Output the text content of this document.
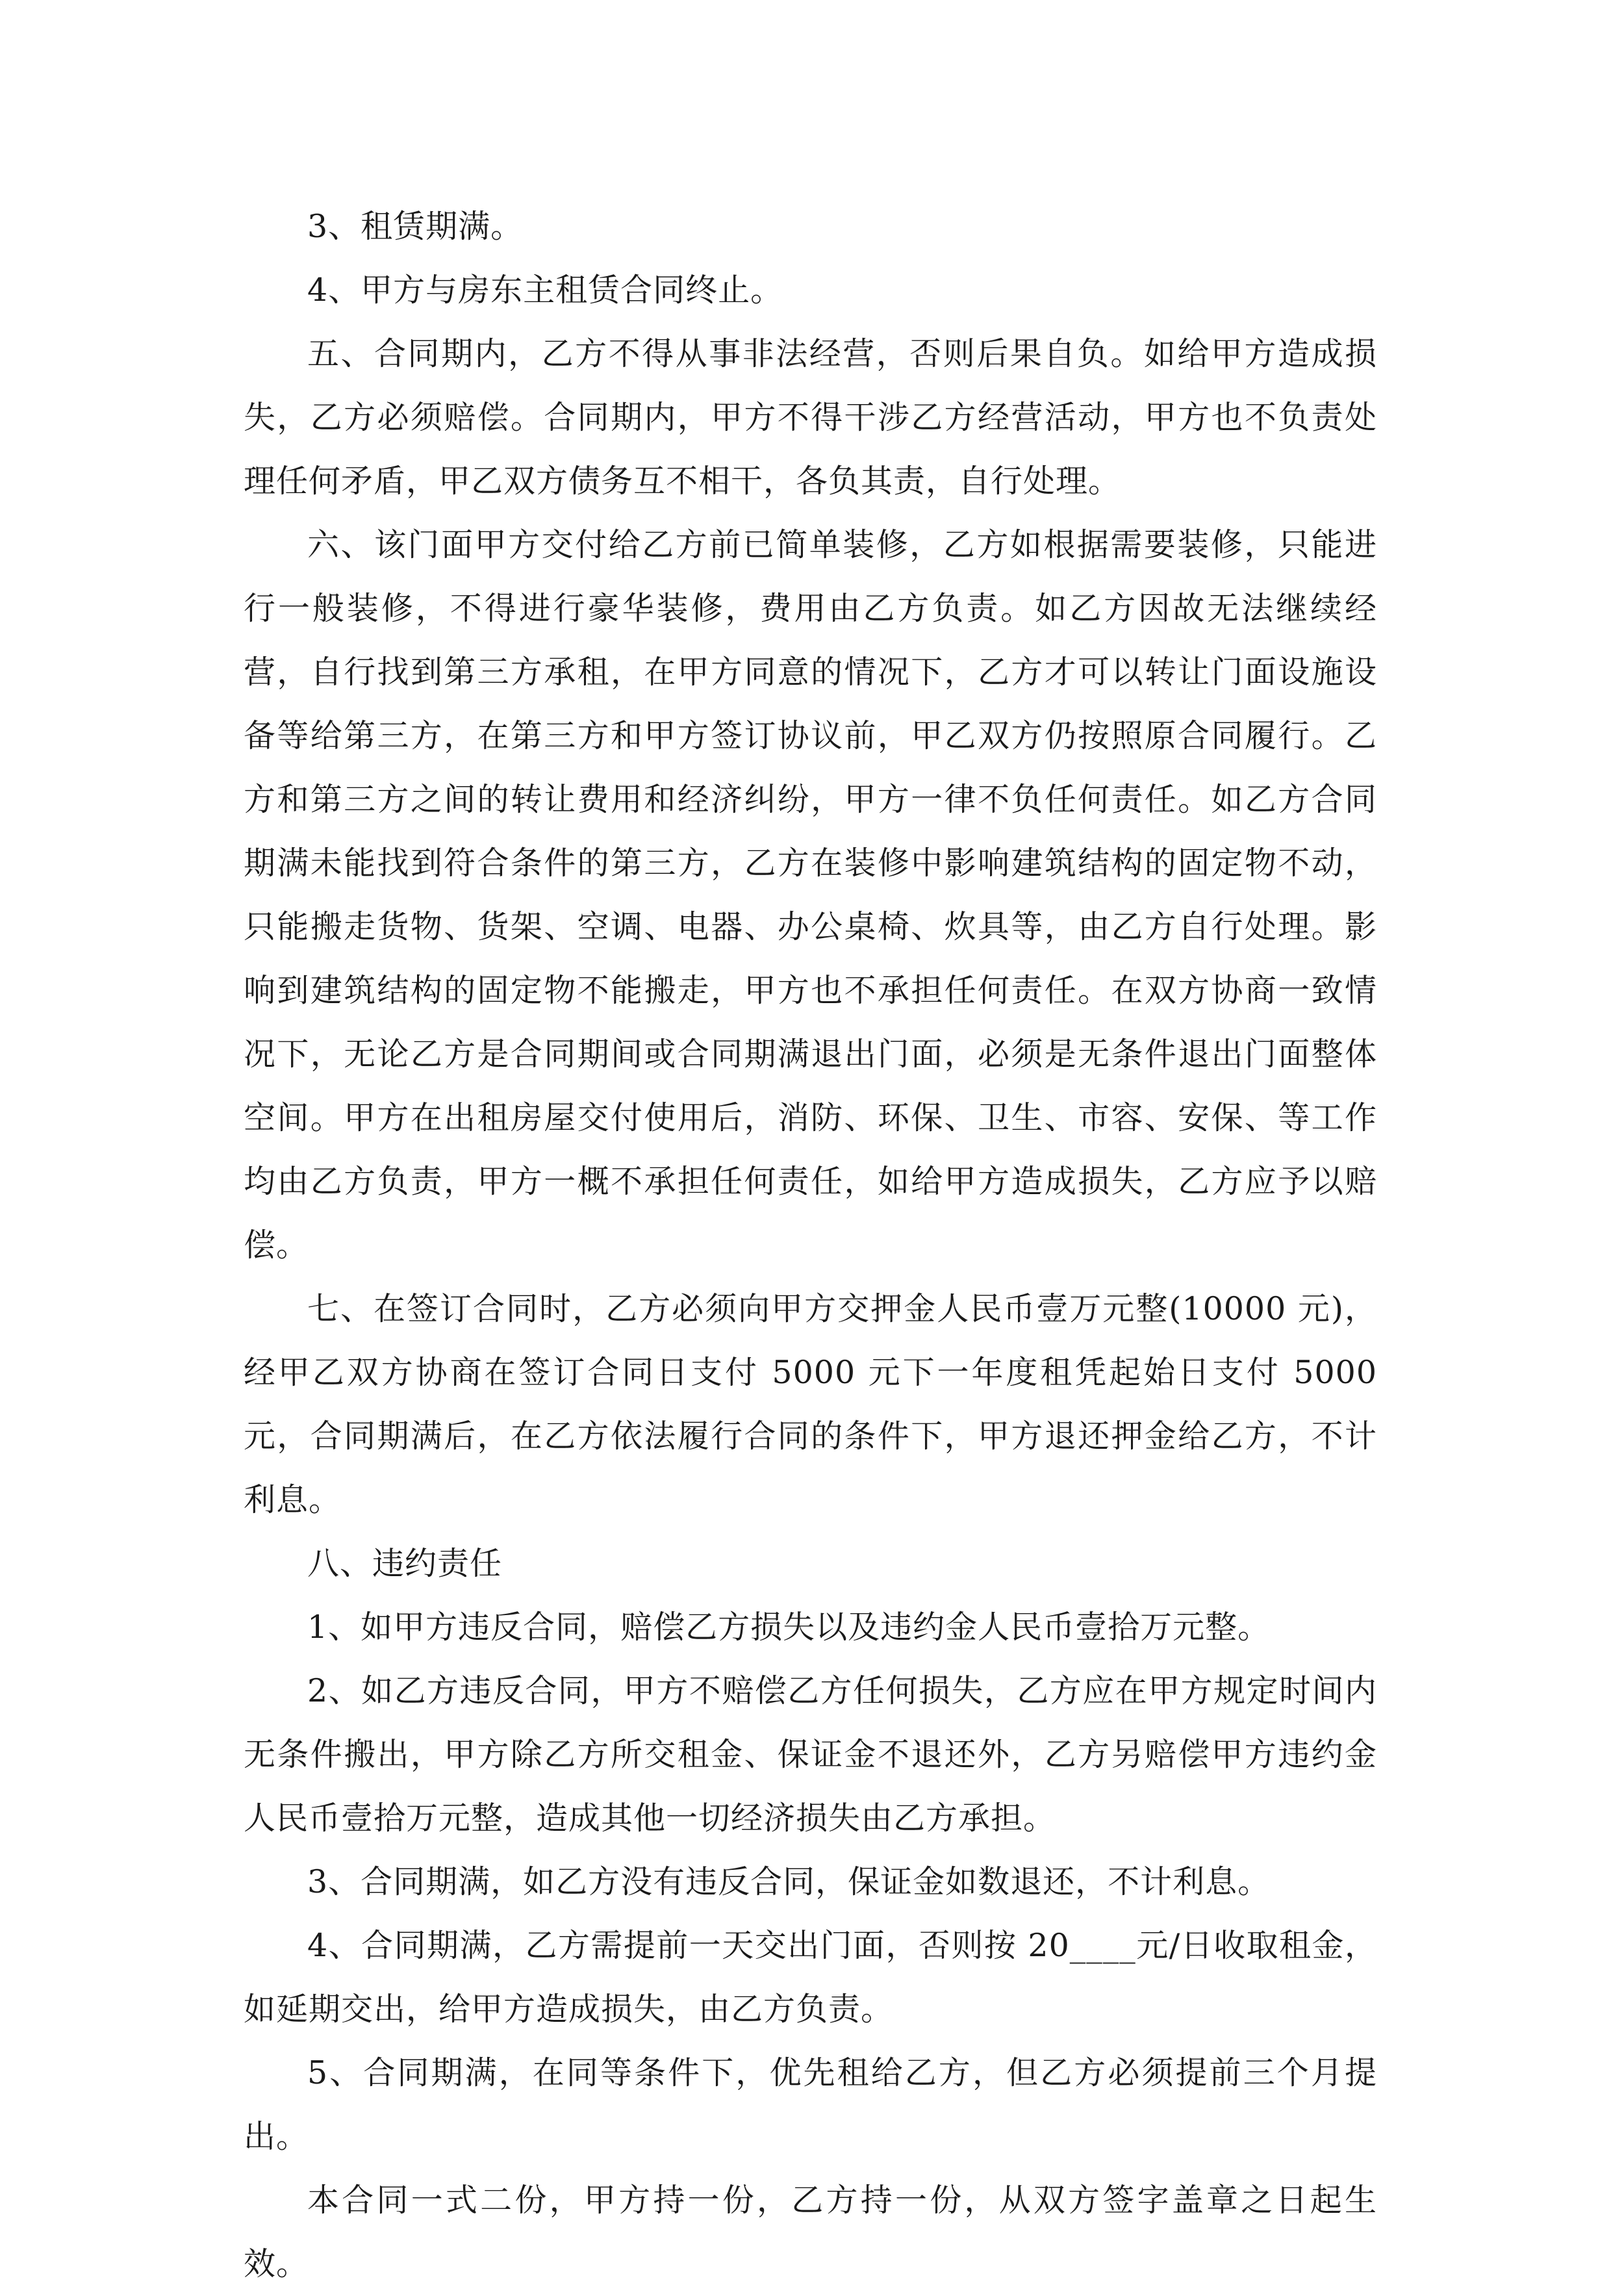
3、租赁期满。

4、甲方与房东主租赁合同终止。

五、合同期内，乙方不得从事非法经营，否则后果自负。如给甲方造成损失，乙方必须赔偿。合同期内，甲方不得干涉乙方经营活动，甲方也不负责处理任何矛盾，甲乙双方债务互不相干，各负其责，自行处理。

六、该门面甲方交付给乙方前已简单装修，乙方如根据需要装修，只能进行一般装修，不得进行豪华装修，费用由乙方负责。如乙方因故无法继续经营，自行找到第三方承租，在甲方同意的情况下，乙方才可以转让门面设施设备等给第三方，在第三方和甲方签订协议前，甲乙双方仍按照原合同履行。乙方和第三方之间的转让费用和经济纠纷，甲方一律不负任何责任。如乙方合同期满未能找到符合条件的第三方，乙方在装修中影响建筑结构的固定物不动，只能搬走货物、货架、空调、电器、办公桌椅、炊具等，由乙方自行处理。影响到建筑结构的固定物不能搬走，甲方也不承担任何责任。在双方协商一致情况下，无论乙方是合同期间或合同期满退出门面，必须是无条件退出门面整体空间。甲方在出租房屋交付使用后，消防、环保、卫生、市容、安保、等工作均由乙方负责，甲方一概不承担任何责任，如给甲方造成损失，乙方应予以赔偿。

七、在签订合同时，乙方必须向甲方交押金人民币壹万元整(10000 元)，经甲乙双方协商在签订合同日支付 5000 元下一年度租凭起始日支付 5000 元，合同期满后，在乙方依法履行合同的条件下，甲方退还押金给乙方，不计利息。

八、违约责任

1、如甲方违反合同，赔偿乙方损失以及违约金人民币壹拾万元整。

2、如乙方违反合同，甲方不赔偿乙方任何损失，乙方应在甲方规定时间内无条件搬出，甲方除乙方所交租金、保证金不退还外，乙方另赔偿甲方违约金人民币壹拾万元整，造成其他一切经济损失由乙方承担。

3、合同期满，如乙方没有违反合同，保证金如数退还，不计利息。

4、合同期满，乙方需提前一天交出门面，否则按 20____元/日收取租金，如延期交出，给甲方造成损失，由乙方负责。

5、合同期满，在同等条件下，优先租给乙方，但乙方必须提前三个月提出。

本合同一式二份，甲方持一份，乙方持一份，从双方签字盖章之日起生效。
